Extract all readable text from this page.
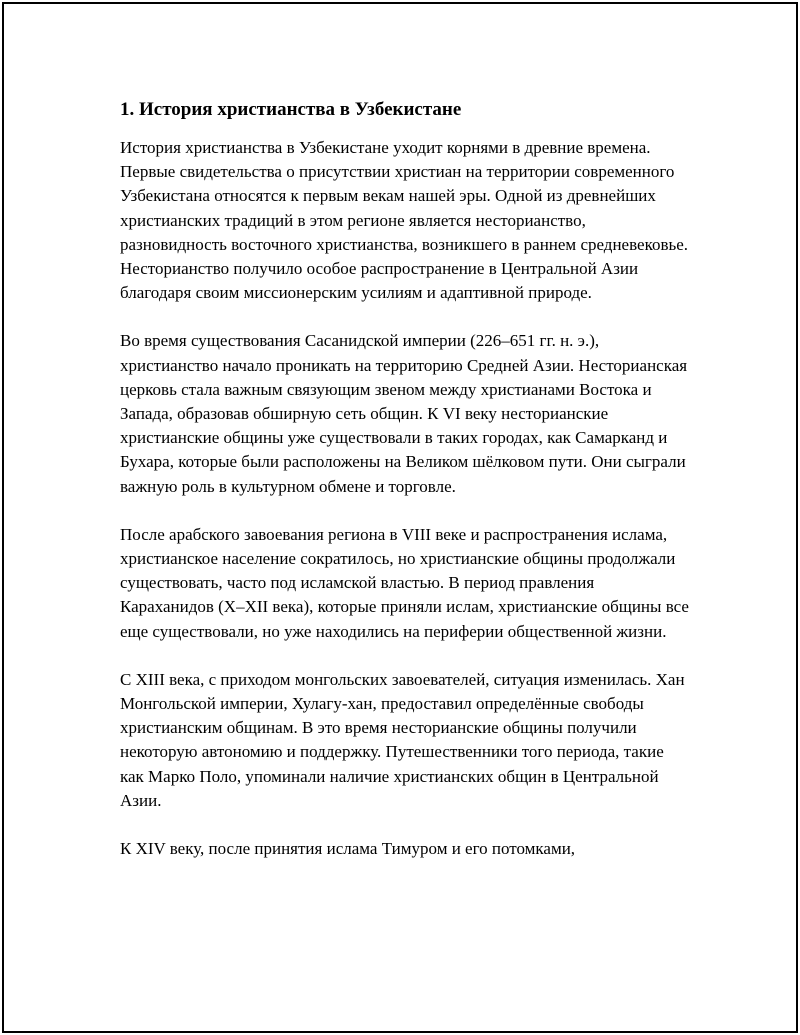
1. История христианства в Узбекистане

История христианства в Узбекистане уходит корнями в древние времена. Первые свидетельства о присутствии христиан на территории современного Узбекистана относятся к первым векам нашей эры. Одной из древнейших христианских традиций в этом регионе является несторианство, разновидность восточного христианства, возникшего в раннем средневековье. Несторианство получило особое распространение в Центральной Азии благодаря своим миссионерским усилиям и адаптивной природе.

Во время существования Сасанидской империи (226–651 гг. н. э.), христианство начало проникать на территорию Средней Азии. Несторианская церковь стала важным связующим звеном между христианами Востока и Запада, образовав обширную сеть общин. К VI веку несторианские христианские общины уже существовали в таких городах, как Самарканд и Бухара, которые были расположены на Великом шёлковом пути. Они сыграли важную роль в культурном обмене и торговле.

После арабского завоевания региона в VIII веке и распространения ислама, христианское население сократилось, но христианские общины продолжали существовать, часто под исламской властью. В период правления Караханидов (X–XII века), которые приняли ислам, христианские общины все еще существовали, но уже находились на периферии общественной жизни.

С XIII века, с приходом монгольских завоевателей, ситуация изменилась. Хан Монгольской империи, Хулагу-хан, предоставил определённые свободы христианским общинам. В это время несторианские общины получили некоторую автономию и поддержку. Путешественники того периода, такие как Марко Поло, упоминали наличие христианских общин в Центральной Азии.

К XIV веку, после принятия ислама Тимуром и его потомками,
